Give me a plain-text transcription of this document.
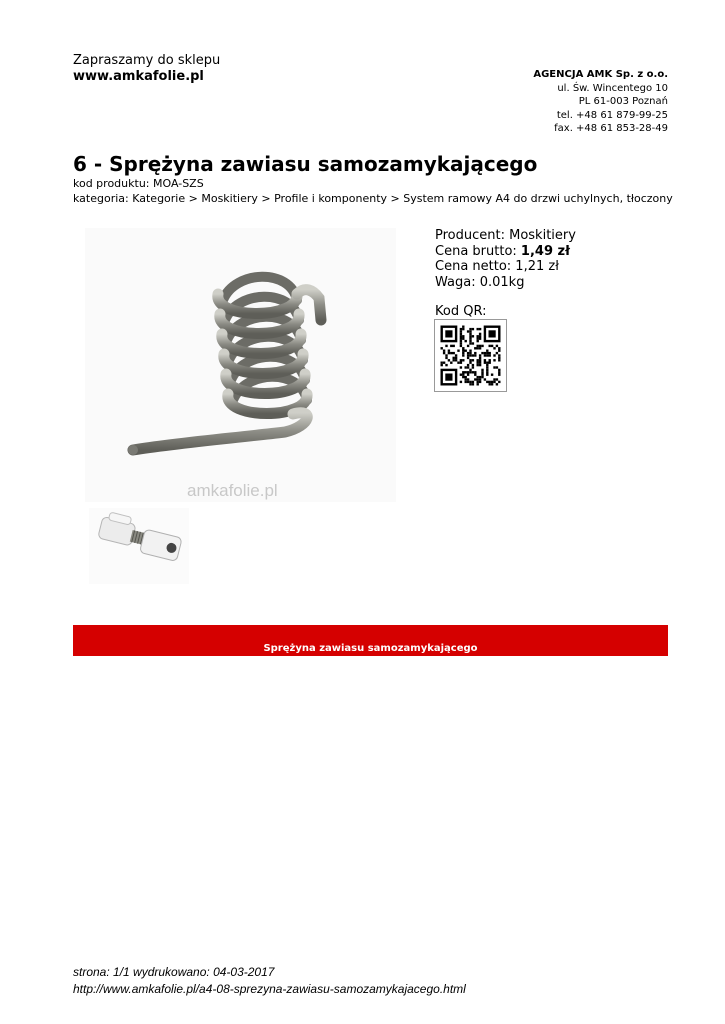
Zapraszamy do sklepu
www.amkafolie.pl	AGENCJA AMK Sp. z o.o.
ul. Św. Wincentego 10
PL 61-003 Poznań
tel. +48 61 879-99-25
fax. +48 61 853-28-49
6 - Sprężyna zawiasu samozamykającego
kod produktu: MOA-SZS
kategoria: Kategorie > Moskitiery > Profile i komponenty > System ramowy A4 do drzwi uchylnych, tłoczony
amkafolie.pl
Producent: Moskitiery
Cena brutto: 1,49 zł
Cena netto: 1,21 zł
Waga: 0.01kg
Kod QR:
Sprężyna zawiasu samozamykającego
strona: 1/1 wydrukowano: 04-03-2017
http://www.amkafolie.pl/a4-08-sprezyna-zawiasu-samozamykajacego.html
